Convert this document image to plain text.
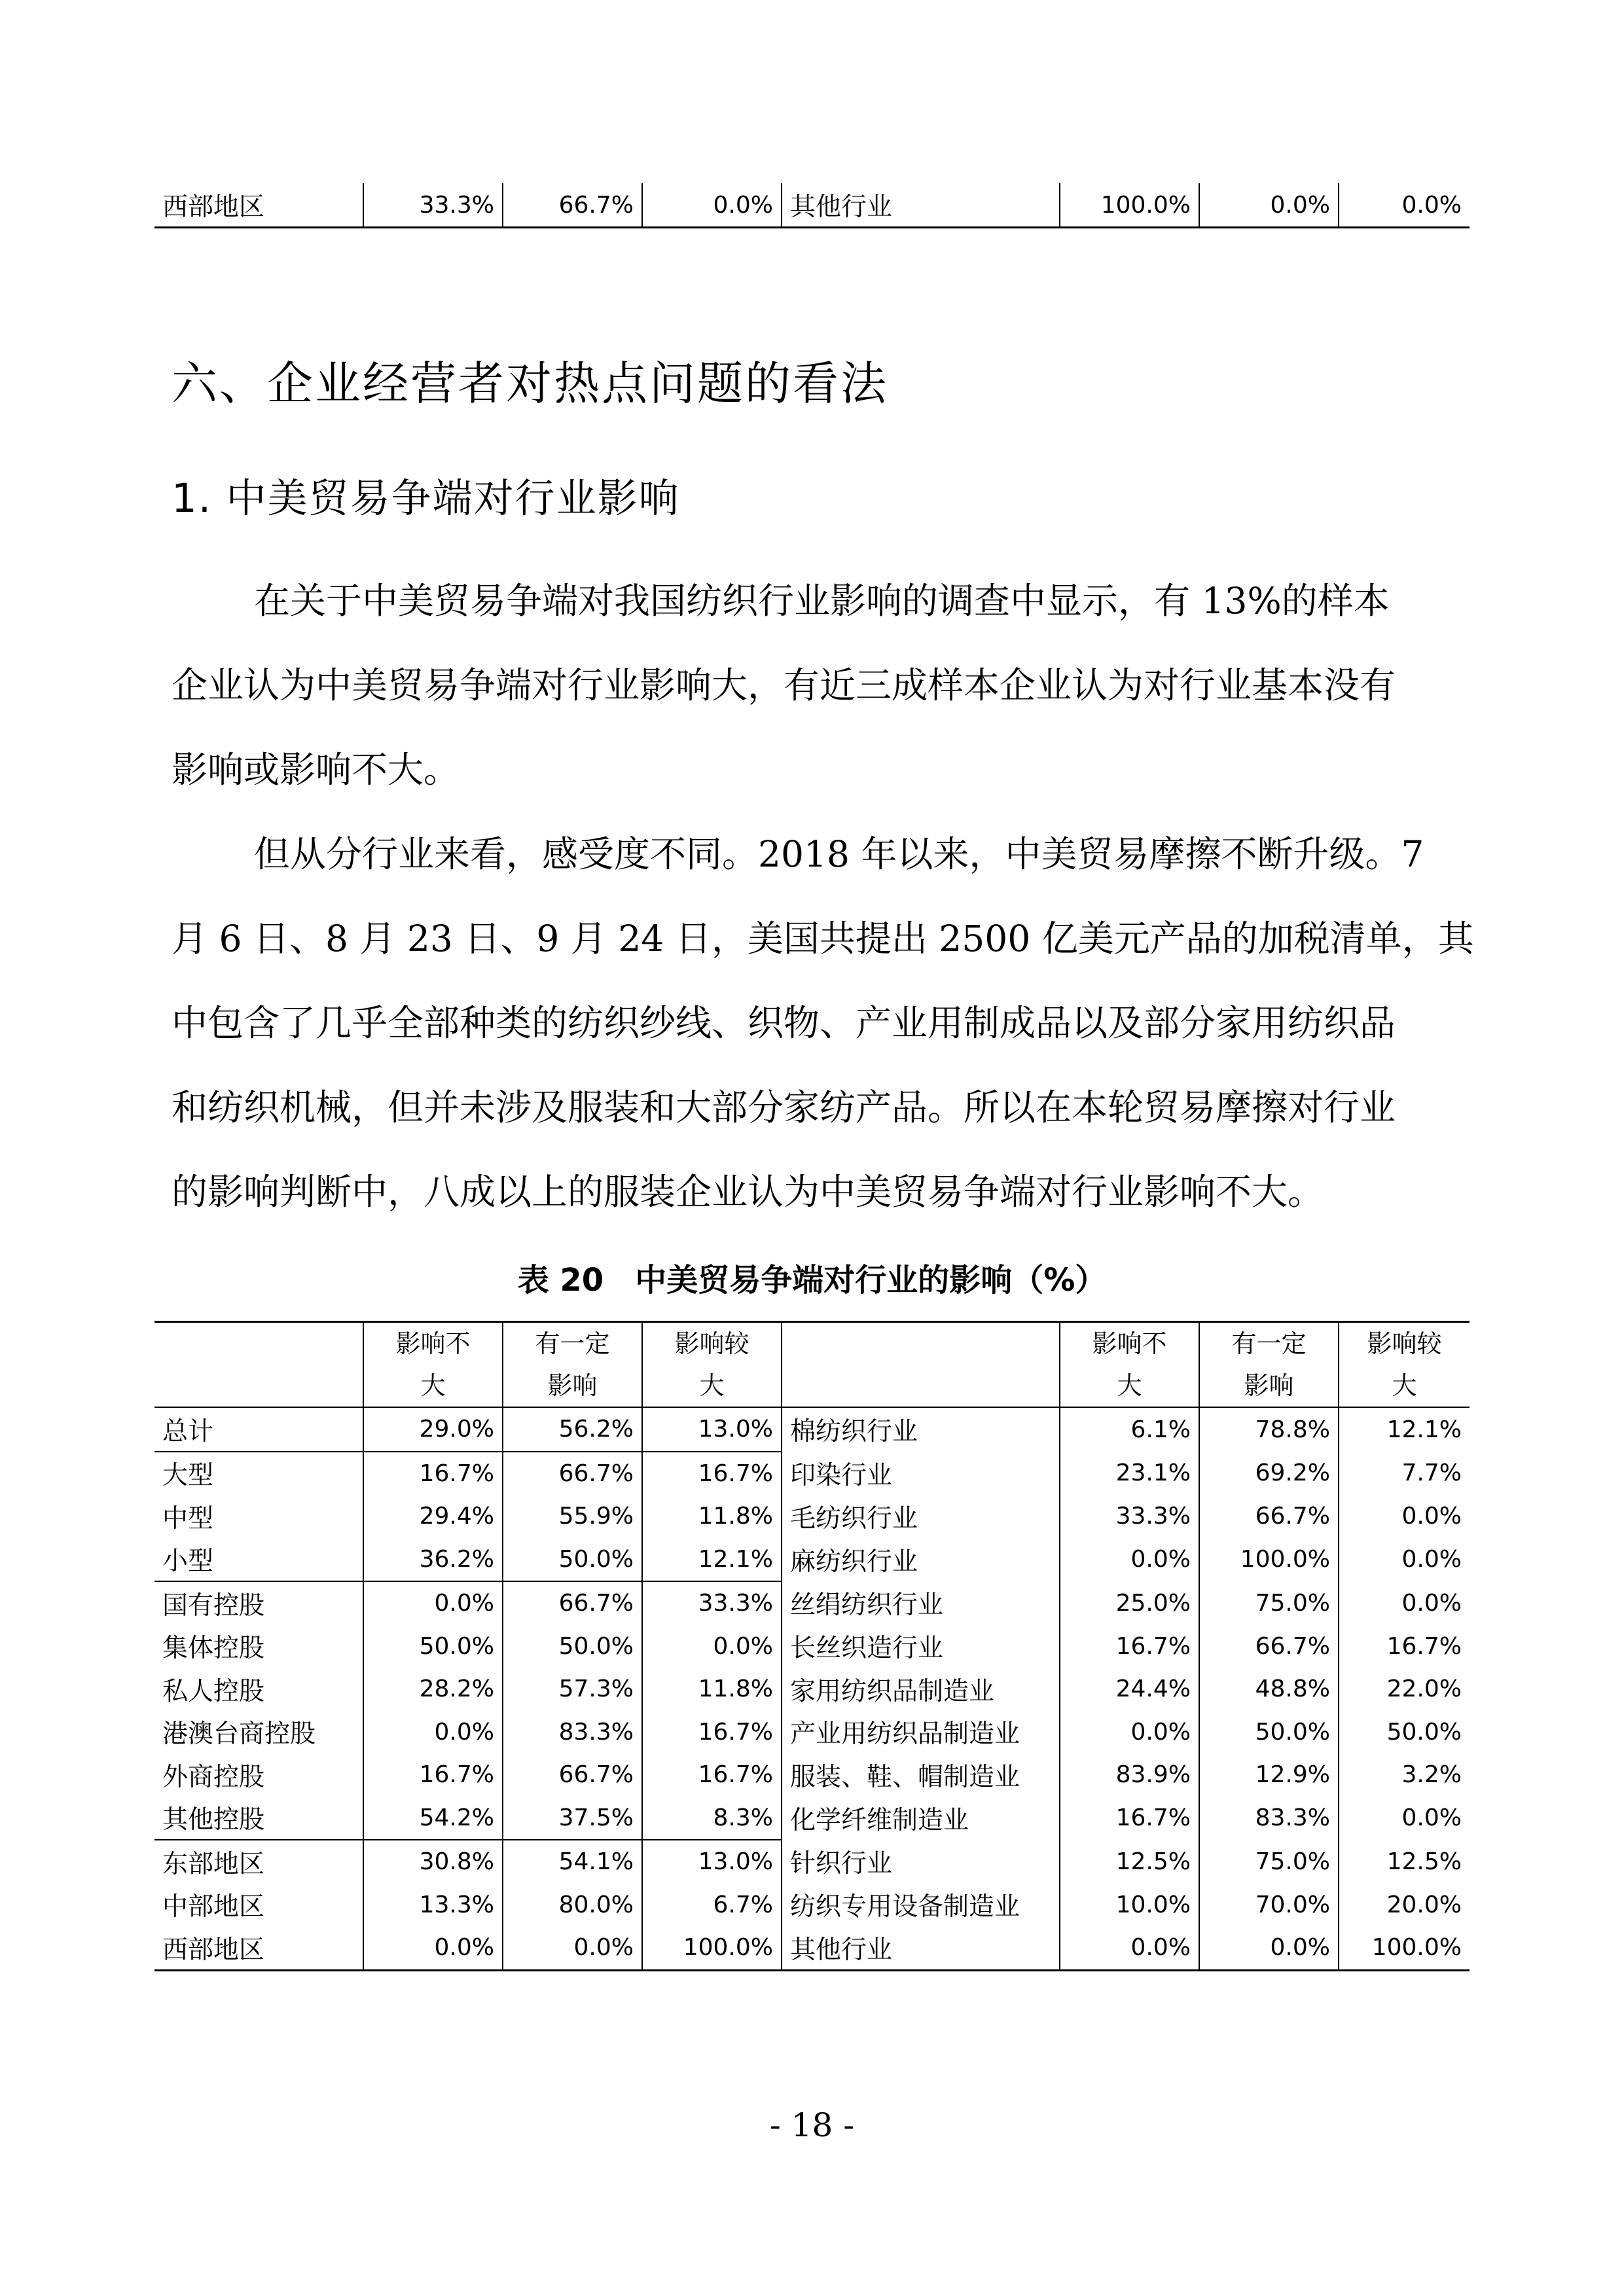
西部地区	33.3%	66.7%	0.0%	其他行业	100.0%	0.0%	0.0%
六、企业经营者对热点问题的看法
1. 中美贸易争端对行业影响
在关于中美贸易争端对我国纺织行业影响的调查中显示，有 13%的样本
企业认为中美贸易争端对行业影响大，有近三成样本企业认为对行业基本没有
影响或影响不大。
但从分行业来看，感受度不同。2018 年以来，中美贸易摩擦不断升级。7
月 6 日、8 月 23 日、9 月 24 日，美国共提出 2500 亿美元产品的加税清单，其
中包含了几乎全部种类的纺织纱线、织物、产业用制成品以及部分家用纺织品
和纺织机械，但并未涉及服装和大部分家纺产品。所以在本轮贸易摩擦对行业
的影响判断中，八成以上的服装企业认为中美贸易争端对行业影响不大。
表 20　中美贸易争端对行业的影响（%）
	影响不
大	有一定
影响	影响较
大		影响不
大	有一定
影响	影响较
大
总计	29.0%	56.2%	13.0%	棉纺织行业	6.1%	78.8%	12.1%
大型	16.7%	66.7%	16.7%	印染行业	23.1%	69.2%	7.7%
中型	29.4%	55.9%	11.8%	毛纺织行业	33.3%	66.7%	0.0%
小型	36.2%	50.0%	12.1%	麻纺织行业	0.0%	100.0%	0.0%
国有控股	0.0%	66.7%	33.3%	丝绢纺织行业	25.0%	75.0%	0.0%
集体控股	50.0%	50.0%	0.0%	长丝织造行业	16.7%	66.7%	16.7%
私人控股	28.2%	57.3%	11.8%	家用纺织品制造业	24.4%	48.8%	22.0%
港澳台商控股	0.0%	83.3%	16.7%	产业用纺织品制造业	0.0%	50.0%	50.0%
外商控股	16.7%	66.7%	16.7%	服装、鞋、帽制造业	83.9%	12.9%	3.2%
其他控股	54.2%	37.5%	8.3%	化学纤维制造业	16.7%	83.3%	0.0%
东部地区	30.8%	54.1%	13.0%	针织行业	12.5%	75.0%	12.5%
中部地区	13.3%	80.0%	6.7%	纺织专用设备制造业	10.0%	70.0%	20.0%
西部地区	0.0%	0.0%	100.0%	其他行业	0.0%	0.0%	100.0%
- 18 -
